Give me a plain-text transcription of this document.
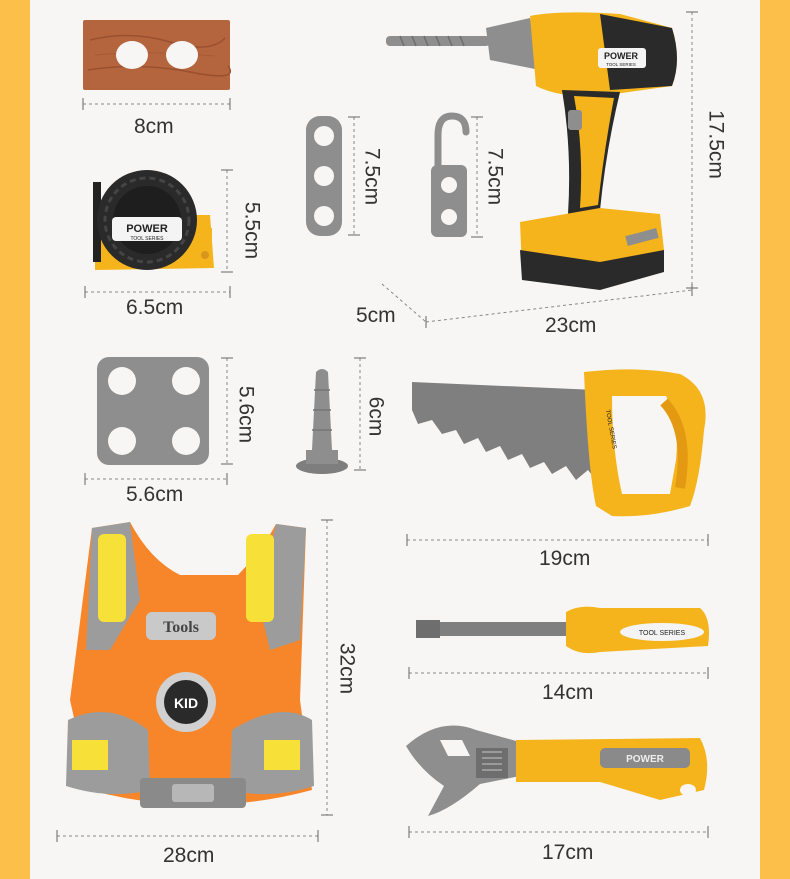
POWER
TOOL SERIES
POWER
TOOL SERIES
TOOL SERIES
Tools
KID
TOOL SERIES
POWER
8cm
5.5cm
6.5cm
7.5cm	7.5cm	17.5cm
5cm	23cm
5.6cm
5.6cm
6cm
19cm
32cm
28cm
14cm
17cm
